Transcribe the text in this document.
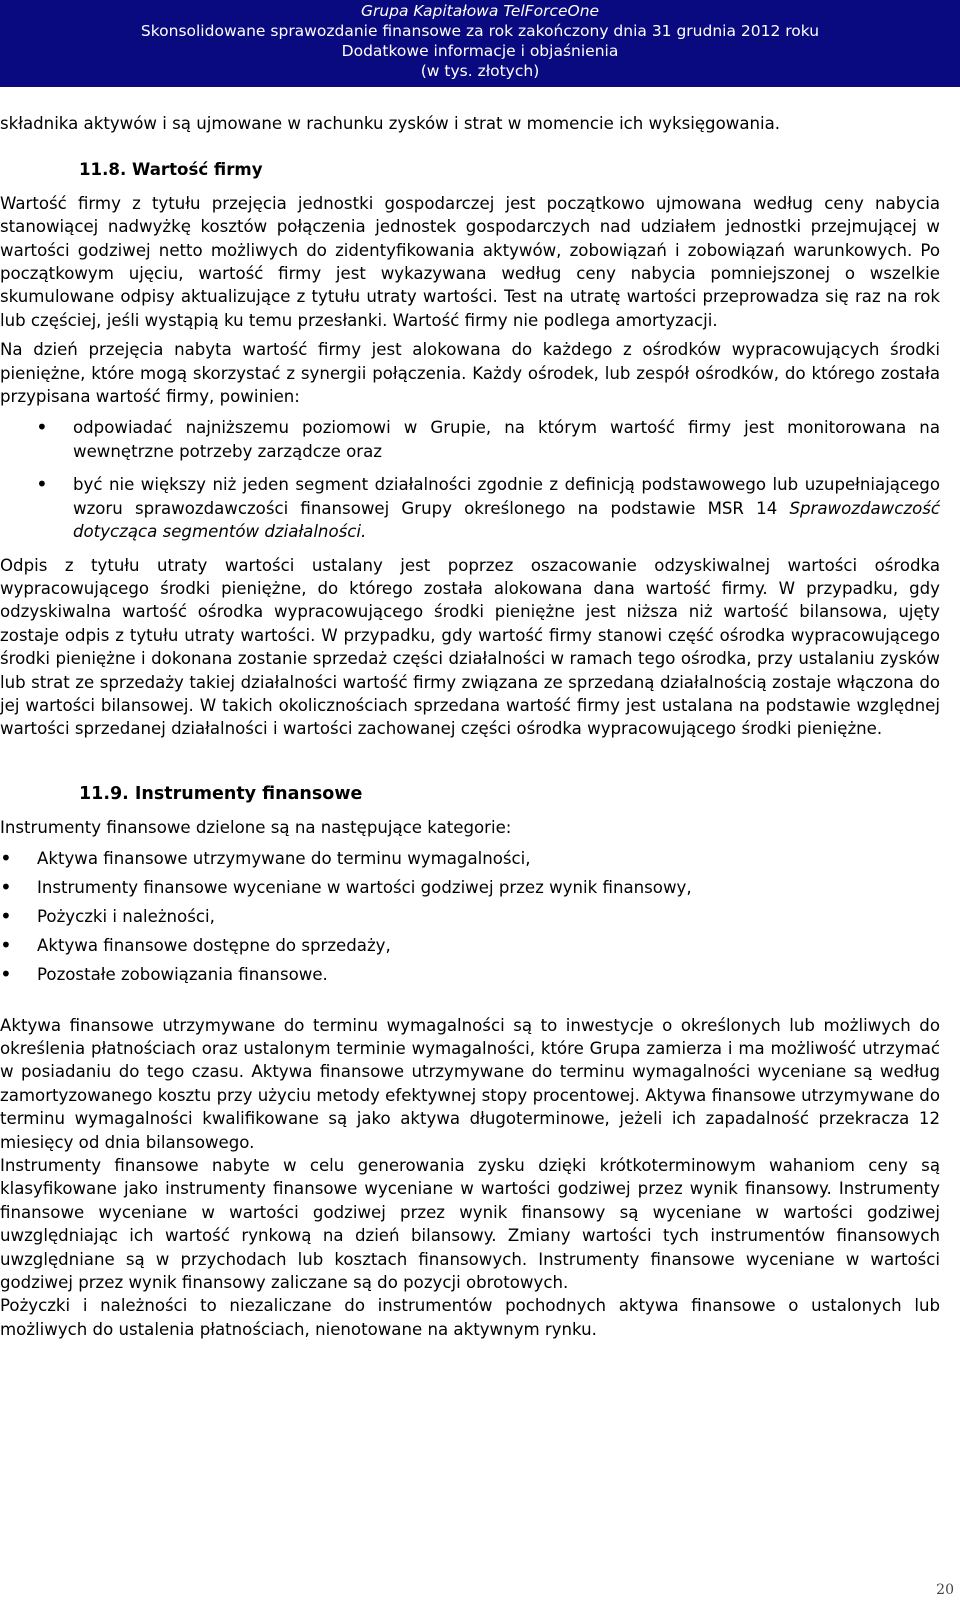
Grupa Kapitałowa TelForceOne
Skonsolidowane sprawozdanie finansowe za rok zakończony dnia 31 grudnia 2012 roku
Dodatkowe informacje i objaśnienia
(w tys. złotych)

składnika aktywów i są ujmowane w rachunku zysków i strat w momencie ich wyksięgowania.

11.8. Wartość firmy

Wartość firmy z tytułu przejęcia jednostki gospodarczej jest początkowo ujmowana według ceny nabycia stanowiącej nadwyżkę kosztów połączenia jednostek gospodarczych nad udziałem jednostki przejmującej w wartości godziwej netto możliwych do zidentyfikowania aktywów, zobowiązań i zobowiązań warunkowych. Po początkowym ujęciu, wartość firmy jest wykazywana według ceny nabycia pomniejszonej o wszelkie skumulowane odpisy aktualizujące z tytułu utraty wartości. Test na utratę wartości przeprowadza się raz na rok lub częściej, jeśli wystąpią ku temu przesłanki. Wartość firmy nie podlega amortyzacji.

Na dzień przejęcia nabyta wartość firmy jest alokowana do każdego z ośrodków wypracowujących środki pieniężne, które mogą skorzystać z synergii połączenia. Każdy ośrodek, lub zespół ośrodków, do którego została przypisana wartość firmy, powinien:

• odpowiadać najniższemu poziomowi w Grupie, na którym wartość firmy jest monitorowana na wewnętrzne potrzeby zarządcze oraz
• być nie większy niż jeden segment działalności zgodnie z definicją podstawowego lub uzupełniającego wzoru sprawozdawczości finansowej Grupy określonego na podstawie MSR 14 Sprawozdawczość dotycząca segmentów działalności.

Odpis z tytułu utraty wartości ustalany jest poprzez oszacowanie odzyskiwalnej wartości ośrodka wypracowującego środki pieniężne, do którego została alokowana dana wartość firmy. W przypadku, gdy odzyskiwalna wartość ośrodka wypracowującego środki pieniężne jest niższa niż wartość bilansowa, ujęty zostaje odpis z tytułu utraty wartości. W przypadku, gdy wartość firmy stanowi część ośrodka wypracowującego środki pieniężne i dokonana zostanie sprzedaż części działalności w ramach tego ośrodka, przy ustalaniu zysków lub strat ze sprzedaży takiej działalności wartość firmy związana ze sprzedaną działalnością zostaje włączona do jej wartości bilansowej. W takich okolicznościach sprzedana wartość firmy jest ustalana na podstawie względnej wartości sprzedanej działalności i wartości zachowanej części ośrodka wypracowującego środki pieniężne.

11.9. Instrumenty finansowe

Instrumenty finansowe dzielone są na następujące kategorie:

• Aktywa finansowe utrzymywane do terminu wymagalności,
• Instrumenty finansowe wyceniane w wartości godziwej przez wynik finansowy,
• Pożyczki i należności,
• Aktywa finansowe dostępne do sprzedaży,
• Pozostałe zobowiązania finansowe.

Aktywa finansowe utrzymywane do terminu wymagalności są to inwestycje o określonych lub możliwych do określenia płatnościach oraz ustalonym terminie wymagalności, które Grupa zamierza i ma możliwość utrzymać w posiadaniu do tego czasu. Aktywa finansowe utrzymywane do terminu wymagalności wyceniane są według zamortyzowanego kosztu przy użyciu metody efektywnej stopy procentowej. Aktywa finansowe utrzymywane do terminu wymagalności kwalifikowane są jako aktywa długoterminowe, jeżeli ich zapadalność przekracza 12 miesięcy od dnia bilansowego.

Instrumenty finansowe nabyte w celu generowania zysku dzięki krótkoterminowym wahaniom ceny są klasyfikowane jako instrumenty finansowe wyceniane w wartości godziwej przez wynik finansowy. Instrumenty finansowe wyceniane w wartości godziwej przez wynik finansowy są wyceniane w wartości godziwej uwzględniając ich wartość rynkową na dzień bilansowy. Zmiany wartości tych instrumentów finansowych uwzględniane są w przychodach lub kosztach finansowych. Instrumenty finansowe wyceniane w wartości godziwej przez wynik finansowy zaliczane są do pozycji obrotowych.

Pożyczki i należności to niezaliczane do instrumentów pochodnych aktywa finansowe o ustalonych lub możliwych do ustalenia płatnościach, nienotowane na aktywnym rynku.

20
